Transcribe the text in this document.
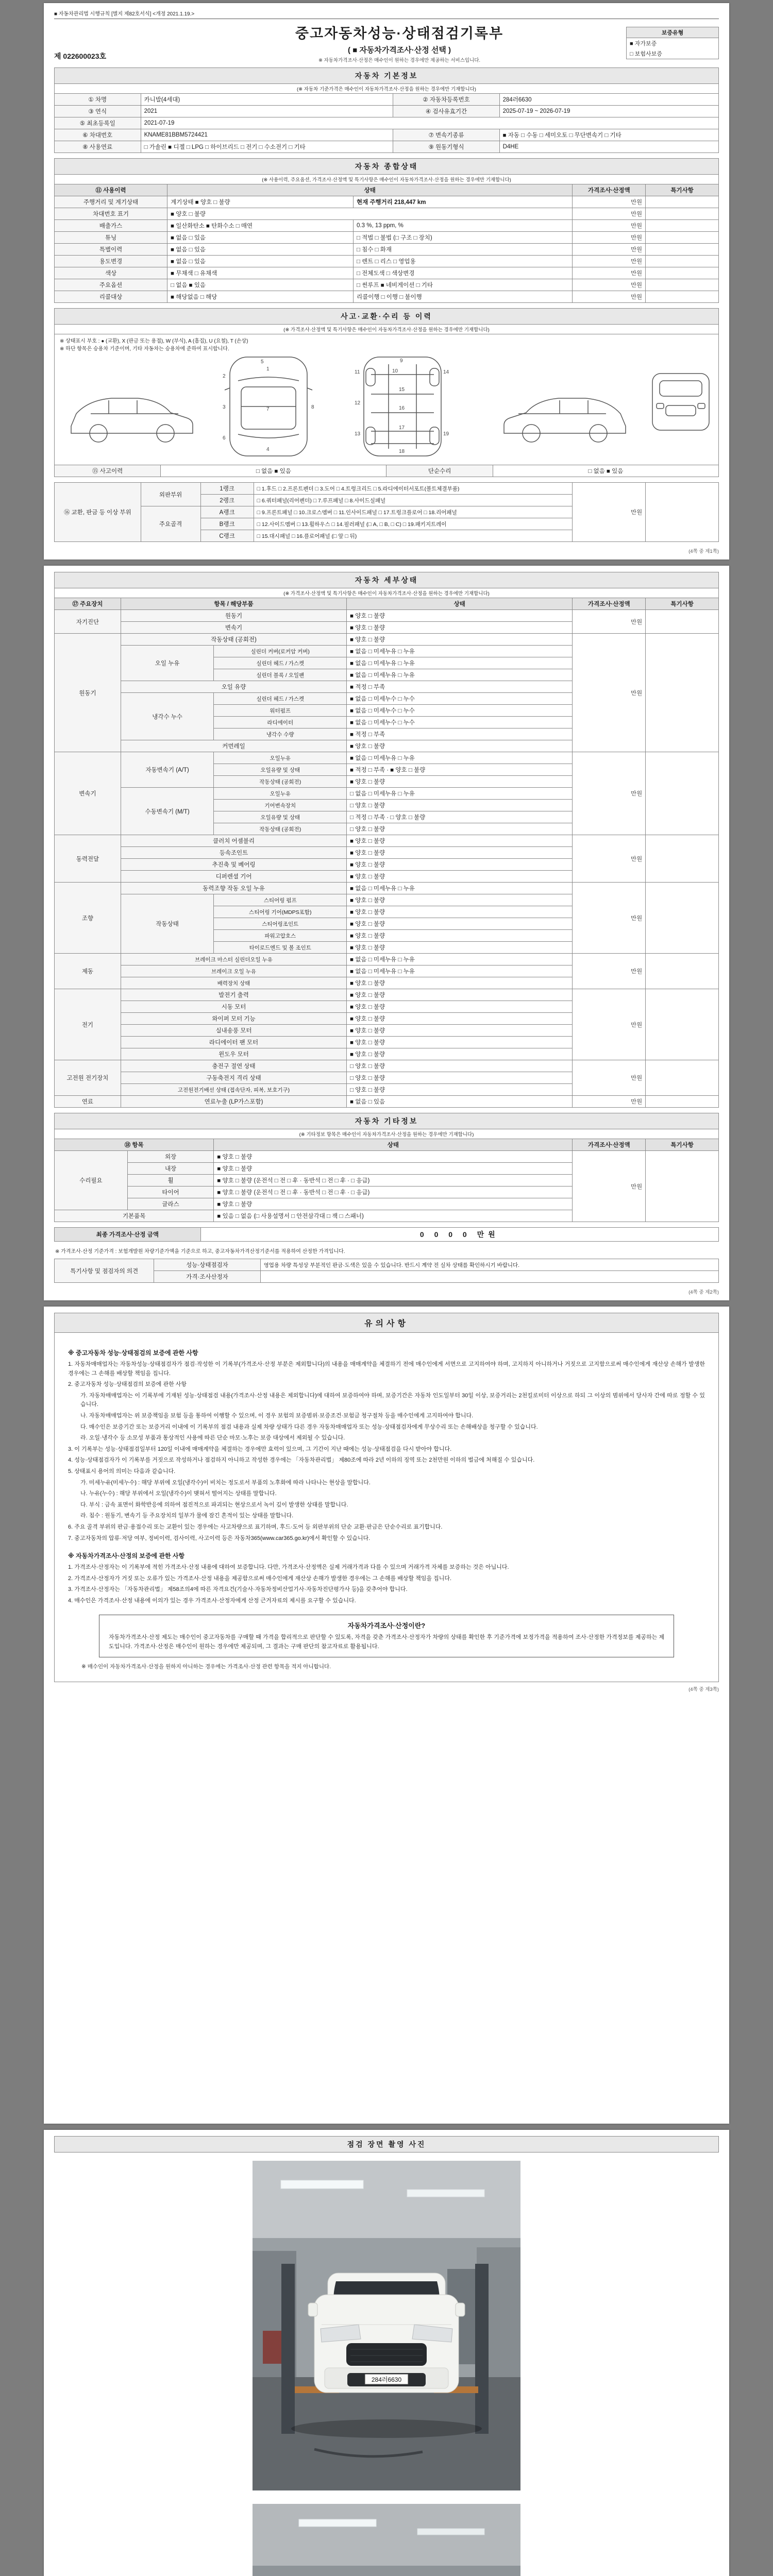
■ 자동차관리법 시행규칙 [별지 제82호서식] <개정 2021.1.19.>
제 022600023호
중고자동차성능·상태점검기록부
( ■ 자동차가격조사·산정 선택 )
※ 자동차가격조사·산정은 매수인이 원하는 경우에만 제공하는 서비스입니다.
보증유형
■ 자가보증
□ 보험사보증
자동차 기본정보
(※ 자동차 기준가격은 매수인이 자동차가격조사·산정을 원하는 경우에만 기재합니다)
① 차명	카니발(4세대)	② 자동차등록번호	284러6630
③ 연식	2021	④ 검사유효기간	2025-07-19 ~ 2026-07-19
⑤ 최초등록일	2021-07-19		
⑥ 차대번호	KNAME81BBM5724421	⑦ 변속기종류	■ 자동 □ 수동 □ 세미오토 □ 무단변속기 □ 기타
⑧ 사용연료	□ 가솔린 ■ 디젤 □ LPG □ 하이브리드 □ 전기 □ 수소전기 □ 기타	⑨ 원동기형식	D4HE
자동차 종합상태
(※ 사용이력, 주요옵션, 가격조사·산정액 및 특기사항은 매수인이 자동차가격조사·산정을 원하는 경우에만 기재합니다)
⑪ 사용이력	상태		가격조사·산정액	특기사항
주행거리 및 계기상태	계기상태 ■ 양호 □ 불량	현재 주행거리 218,447 km	만원	
차대번호 표기	■ 양호 □ 불량		만원	
배출가스	■ 일산화탄소 ■ 탄화수소 □ 매연	0.3 %, 13 ppm, %	만원	
튜닝	■ 없음 □ 있음	□ 적법 □ 불법 (□ 구조 □ 장치)	만원	
특별이력	■ 없음 □ 있음	□ 침수 □ 화재	만원	
용도변경	■ 없음 □ 있음	□ 렌트 □ 리스 □ 영업용	만원	
색상	■ 무채색 □ 유채색	□ 전체도색 □ 색상변경	만원	
주요옵션	□ 없음 ■ 있음	□ 썬루프 ■ 네비게이션 □ 기타	만원	
리콜대상	■ 해당없음 □ 해당	리콜이행 □ 이행 □ 불이행	만원	
사고·교환·수리 등 이력
(※ 가격조사·산정액 및 특기사항은 매수인이 자동차가격조사·산정을 원하는 경우에만 기재합니다)
※ 상태표시 부호 : ● (교환), X (판금 또는 용접), W (부식), A (흠집), U (요철), T (손상)
※ 하단 항목은 승용차 기준이며, 기타 자동차는 승용차에 준하여 표시합니다.
1
7
4
2
3
6
8
5	9
10
11
12
13
14
15
16
17
18
19
⑮ 사고이력	□ 없음 ■ 있음	단순수리	□ 없음 ■ 있음
⑯ 교환, 판금 등 이상 부위	외판부위	1랭크	□ 1.후드 □ 2.프론트펜더 □ 3.도어 □ 4.트렁크리드 □ 5.라디에이터서포트(볼트체결부품)	만원	
		2랭크	□ 6.쿼터패널(리어펜더) □ 7.루프패널 □ 8.사이드실패널		
	주요골격	A랭크	□ 9.프론트패널 □ 10.크로스멤버 □ 11.인사이드패널 □ 17.트렁크플로어 □ 18.리어패널		
		B랭크	□ 12.사이드멤버 □ 13.휠하우스 □ 14.필러패널 (□ A, □ B, □ C) □ 19.패키지트레이		
		C랭크	□ 15.대시패널 □ 16.플로어패널 (□ 앞 □ 뒤)		
(4쪽 중 제1쪽)
자동차 세부상태
(※ 가격조사·산정액 및 특기사항은 매수인이 자동차가격조사·산정을 원하는 경우에만 기재합니다)
⑰ 주요장치	항목 / 해당부품		상태	가격조사·산정액	특기사항
자기진단	원동기		■ 양호 □ 불량	만원	
	변속기		■ 양호 □ 불량		
원동기	작동상태 (공회전)		■ 양호 □ 불량	만원	
	오일 누유	실린더 커버(로커암 커버)	■ 없음 □ 미세누유 □ 누유		
		실린더 헤드 / 가스켓	■ 없음 □ 미세누유 □ 누유		
		실린더 블록 / 오일팬	■ 없음 □ 미세누유 □ 누유		
	오일 유량		■ 적정 □ 부족		
	냉각수 누수	실린더 헤드 / 가스켓	■ 없음 □ 미세누수 □ 누수		
		워터펌프	■ 없음 □ 미세누수 □ 누수		
		라디에이터	■ 없음 □ 미세누수 □ 누수		
		냉각수 수량	■ 적정 □ 부족		
	커먼레일		■ 양호 □ 불량		
변속기	자동변속기 (A/T)	오일누유	■ 없음 □ 미세누유 □ 누유	만원	
		오일유량 및 상태	■ 적정 □ 부족 · ■ 양호 □ 불량		
		작동상태 (공회전)	■ 양호 □ 불량		
	수동변속기 (M/T)	오일누유	□ 없음 □ 미세누유 □ 누유		
		기어변속장치	□ 양호 □ 불량		
		오일유량 및 상태	□ 적정 □ 부족 · □ 양호 □ 불량		
		작동상태 (공회전)	□ 양호 □ 불량		
동력전달	클러치 어셈블리		■ 양호 □ 불량	만원	
	등속조인트		■ 양호 □ 불량		
	추진축 및 베어링		■ 양호 □ 불량		
	디퍼렌셜 기어		■ 양호 □ 불량		
조향	동력조향 작동 오일 누유		■ 없음 □ 미세누유 □ 누유	만원	
	작동상태	스티어링 펌프	■ 양호 □ 불량		
		스티어링 기어(MDPS포함)	■ 양호 □ 불량		
		스티어링조인트	■ 양호 □ 불량		
		파워고압호스	■ 양호 □ 불량		
		타이로드엔드 및 볼 조인트	■ 양호 □ 불량		
제동	브레이크 마스터 실린더오일 누유		■ 없음 □ 미세누유 □ 누유	만원	
	브레이크 오일 누유		■ 없음 □ 미세누유 □ 누유		
	배력장치 상태		■ 양호 □ 불량		
전기	발전기 출력		■ 양호 □ 불량	만원	
	시동 모터		■ 양호 □ 불량		
	와이퍼 모터 기능		■ 양호 □ 불량		
	실내송풍 모터		■ 양호 □ 불량		
	라디에이터 팬 모터		■ 양호 □ 불량		
	윈도우 모터		■ 양호 □ 불량		
고전원 전기장치	충전구 절연 상태		□ 양호 □ 불량	만원	
	구동축전지 격리 상태		□ 양호 □ 불량		
	고전원전기배선 상태 (접속단자, 피복, 보호기구)		□ 양호 □ 불량		
연료	연료누출 (LP가스포함)		■ 없음 □ 있음	만원	
자동차 기타정보
(※ 기타정보 항목은 매수인이 자동차가격조사·산정을 원하는 경우에만 기재합니다)
⑱ 항목		상태	가격조사·산정액	특기사항
수리필요	외장	■ 양호 □ 불량	만원	
	내장	■ 양호 □ 불량		
	휠	■ 양호 □ 불량 (운전석 □ 전 □ 후 · 동반석 □ 전 □ 후 · □ 응급)		
	타이어	■ 양호 □ 불량 (운전석 □ 전 □ 후 · 동반석 □ 전 □ 후 · □ 응급)		
	글라스	■ 양호 □ 불량		
기본품목		■ 있음 □ 없음 (□ 사용설명서 □ 안전삼각대 □ 잭 □ 스패너)		
최종 가격조사·산정 금액	0 0 0 0 만원
※ 가격조사·산정 기준가격 : 보험개발원 차량기준가액을 기준으로 하고, 중고자동차가격산정기준서를 적용하여 산정한 가격입니다.
특기사항 및 점검자의 의견	성능·상태점검자	영업용 차량 특성상 부분적인 판금·도색은 있을 수 있습니다. 반드시 계약 전 실차 상태를 확인하시기 바랍니다.
	가격·조사산정자	
(4쪽 중 제2쪽)
유의사항
※ 중고자동차 성능·상태점검의 보증에 관한 사항
1. 자동차매매업자는 자동차성능·상태점검자가 점검·작성한 이 기록부(가격조사·산정 부분은 제외합니다)의 내용을 매매계약을 체결하기 전에 매수인에게 서면으로 고지하여야 하며, 고지하지 아니하거나 거짓으로 고지함으로써 매수인에게 재산상 손해가 발생한 경우에는 그 손해를 배상할 책임을 집니다.
2. 중고자동차 성능·상태점검의 보증에 관한 사항
가. 자동차매매업자는 이 기록부에 기재된 성능·상태점검 내용(가격조사·산정 내용은 제외합니다)에 대하여 보증하여야 하며, 보증기간은 자동차 인도일부터 30일 이상, 보증거리는 2천킬로미터 이상으로 하되 그 이상의 범위에서 당사자 간에 따로 정할 수 있습니다.
나. 자동차매매업자는 위 보증책임을 보험 등을 통하여 이행할 수 있으며, 이 경우 보험의 보증범위·보증조건·보험금 청구절차 등을 매수인에게 고지하여야 합니다.
다. 매수인은 보증기간 또는 보증거리 이내에 이 기록부의 점검 내용과 실제 차량 상태가 다른 경우 자동차매매업자 또는 성능·상태점검자에게 무상수리 또는 손해배상을 청구할 수 있습니다.
라. 오일·냉각수 등 소모성 부품과 통상적인 사용에 따른 단순 마모·노후는 보증 대상에서 제외될 수 있습니다.
3. 이 기록부는 성능·상태점검일부터 120일 이내에 매매계약을 체결하는 경우에만 효력이 있으며, 그 기간이 지난 때에는 성능·상태점검을 다시 받아야 합니다.
4. 성능·상태점검자가 이 기록부를 거짓으로 작성하거나 점검하지 아니하고 작성한 경우에는 「자동차관리법」 제80조에 따라 2년 이하의 징역 또는 2천만원 이하의 벌금에 처해질 수 있습니다.
5. 상태표시 용어의 의미는 다음과 같습니다.
가. 미세누유(미세누수) : 해당 부위에 오일(냉각수)이 비치는 정도로서 부품의 노후화에 따라 나타나는 현상을 말합니다.
나. 누유(누수) : 해당 부위에서 오일(냉각수)이 맺혀서 떨어지는 상태를 말합니다.
다. 부식 : 금속 표면이 화학반응에 의하여 점진적으로 파괴되는 현상으로서 녹이 깊이 발생한 상태를 말합니다.
라. 침수 : 원동기, 변속기 등 주요장치의 일부가 물에 잠긴 흔적이 있는 상태를 말합니다.
6. 주요 골격 부위의 판금·용접수리 또는 교환이 있는 경우에는 사고차량으로 표기하며, 후드·도어 등 외판부위의 단순 교환·판금은 단순수리로 표기합니다.
7. 중고자동차의 압류·저당 여부, 정비이력, 검사이력, 사고이력 등은 자동차365(www.car365.go.kr)에서 확인할 수 있습니다.
※ 자동차가격조사·산정의 보증에 관한 사항
1. 가격조사·산정자는 이 기록부에 적힌 가격조사·산정 내용에 대하여 보증합니다. 다만, 가격조사·산정액은 실제 거래가격과 다를 수 있으며 거래가격 자체를 보증하는 것은 아닙니다.
2. 가격조사·산정자가 거짓 또는 오류가 있는 가격조사·산정 내용을 제공함으로써 매수인에게 재산상 손해가 발생한 경우에는 그 손해를 배상할 책임을 집니다.
3. 가격조사·산정자는 「자동차관리법」 제58조의4에 따른 자격요건(기술사·자동차정비산업기사·자동차진단평가사 등)을 갖추어야 합니다.
4. 매수인은 가격조사·산정 내용에 이의가 있는 경우 가격조사·산정자에게 산정 근거자료의 제시를 요구할 수 있습니다.
자동차가격조사·산정이란?
자동차가격조사·산정 제도는 매수인이 중고자동차를 구매할 때 가격을 합리적으로 판단할 수 있도록, 자격을 갖춘 가격조사·산정자가 차량의 상태를 확인한 후 기준가격에 보정가격을 적용하여 조사·산정한 가격정보를 제공하는 제도입니다. 가격조사·산정은 매수인이 원하는 경우에만 제공되며, 그 결과는 구매 판단의 참고자료로 활용됩니다.
※ 매수인이 자동차가격조사·산정을 원하지 아니하는 경우에는 가격조사·산정 관련 항목을 적지 아니합니다.
(4쪽 중 제3쪽)
점검 장면 촬영 사진
284러6630
